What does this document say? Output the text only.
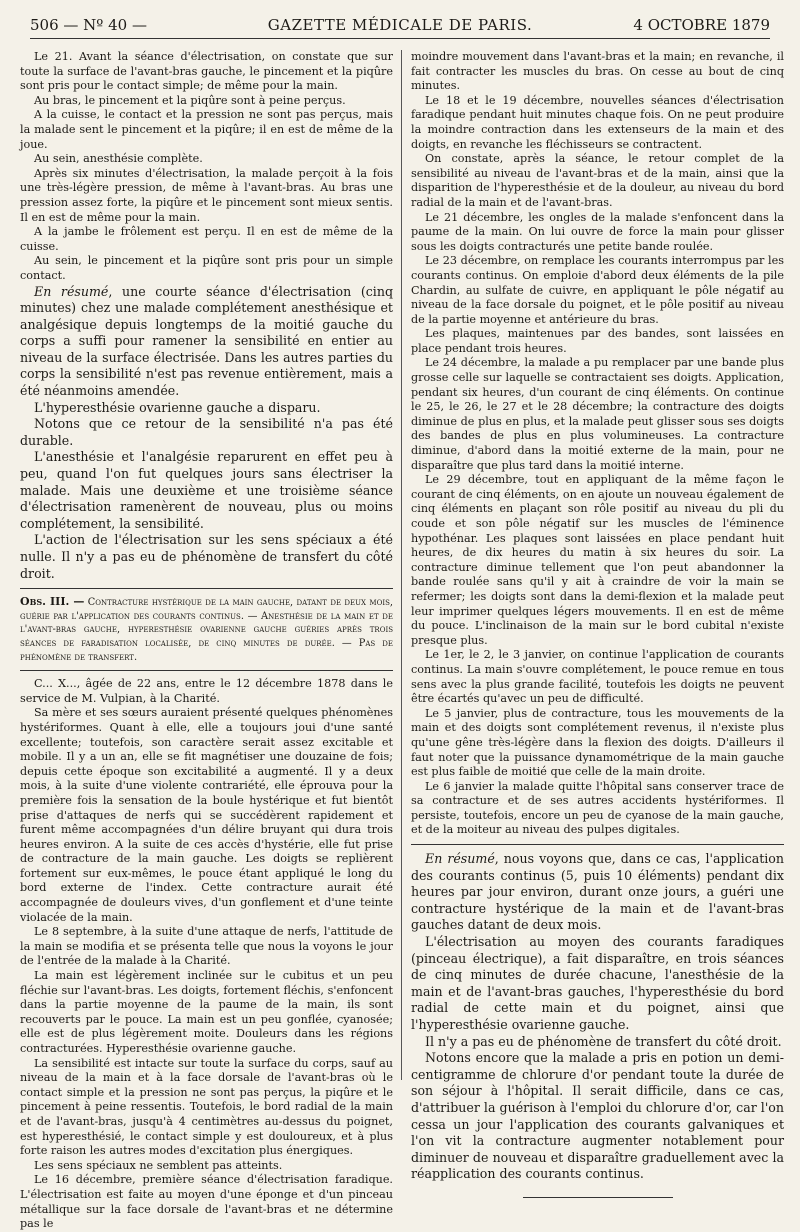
506 — Nº 40 —	GAZETTE MÉDICALE DE PARIS.	4 OCTOBRE 1879

Le 21. Avant la séance d'électrisation, on constate que sur toute la surface de l'avant-bras gauche, le pincement et la piqûre sont pris pour le contact simple; de même pour la main.

Au bras, le pincement et la piqûre sont à peine perçus.

A la cuisse, le contact et la pression ne sont pas perçus, mais la malade sent le pincement et la piqûre; il en est de même de la joue.

Au sein, anesthésie complète.

Après six minutes d'électrisation, la malade perçoit à la fois une très-légère pression, de même à l'avant-bras. Au bras une pression assez forte, la piqûre et le pincement sont mieux sentis. Il en est de même pour la main.

A la jambe le frôlement est perçu. Il en est de même de la cuisse.

Au sein, le pincement et la piqûre sont pris pour un simple contact.

En résumé, une courte séance d'électrisation (cinq minutes) chez une malade complétement anesthésique et analgésique depuis longtemps de la moitié gauche du corps a suffi pour ramener la sensibilité en entier au niveau de la surface électrisée. Dans les autres parties du corps la sensibilité n'est pas revenue entièrement, mais a été néanmoins amendée.

L'hyperesthésie ovarienne gauche a disparu.

Notons que ce retour de la sensibilité n'a pas été durable.

L'anesthésie et l'analgésie reparurent en effet peu à peu, quand l'on fut quelques jours sans électriser la malade. Mais une deuxième et une troisième séance d'électrisation ramenèrent de nouveau, plus ou moins complétement, la sensibilité.

L'action de l'électrisation sur les sens spéciaux a été nulle. Il n'y a pas eu de phénomène de transfert du côté droit.

Obs. III. — Contracture hystérique de la main gauche, datant de deux mois, guérie par l'application des courants continus. — Anesthésie de la main et de l'avant-bras gauche, hyperesthésie ovarienne gauche guéries après trois séances de faradisation localisée, de cinq minutes de durée. — Pas de phénomène de transfert.

C... X..., âgée de 22 ans, entre le 12 décembre 1878 dans le service de M. Vulpian, à la Charité.

Sa mère et ses sœurs auraient présenté quelques phénomènes hystériformes. Quant à elle, elle a toujours joui d'une santé excellente; toutefois, son caractère serait assez excitable et mobile. Il y a un an, elle se fit magnétiser une douzaine de fois; depuis cette époque son excitabilité a augmenté. Il y a deux mois, à la suite d'une violente contrariété, elle éprouva pour la première fois la sensation de la boule hystérique et fut bientôt prise d'attaques de nerfs qui se succédèrent rapidement et furent même accompagnées d'un délire bruyant qui dura trois heures environ. A la suite de ces accès d'hystérie, elle fut prise de contracture de la main gauche. Les doigts se replièrent fortement sur eux-mêmes, le pouce étant appliqué le long du bord externe de l'index. Cette contracture aurait été accompagnée de douleurs vives, d'un gonflement et d'une teinte violacée de la main.

Le 8 septembre, à la suite d'une attaque de nerfs, l'attitude de la main se modifia et se présenta telle que nous la voyons le jour de l'entrée de la malade à la Charité.

La main est légèrement inclinée sur le cubitus et un peu fléchie sur l'avant-bras. Les doigts, fortement fléchis, s'enfoncent dans la partie moyenne de la paume de la main, ils sont recouverts par le pouce. La main est un peu gonflée, cyanosée; elle est de plus légèrement moite. Douleurs dans les régions contracturées. Hyperesthésie ovarienne gauche.

La sensibilité est intacte sur toute la surface du corps, sauf au niveau de la main et à la face dorsale de l'avant-bras où le contact simple et la pression ne sont pas perçus, la piqûre et le pincement à peine ressentis. Toutefois, le bord radial de la main et de l'avant-bras, jusqu'à 4 centimètres au-dessus du poignet, est hyperesthésié, le contact simple y est douloureux, et à plus forte raison les autres modes d'excitation plus énergiques.

Les sens spéciaux ne semblent pas atteints.

Le 16 décembre, première séance d'électrisation faradique. L'électrisation est faite au moyen d'une éponge et d'un pinceau métallique sur la face dorsale de l'avant-bras et ne détermine pas le

moindre mouvement dans l'avant-bras et la main; en revanche, il fait contracter les muscles du bras. On cesse au bout de cinq minutes.

Le 18 et le 19 décembre, nouvelles séances d'électrisation faradique pendant huit minutes chaque fois. On ne peut produire la moindre contraction dans les extenseurs de la main et des doigts, en revanche les fléchisseurs se contractent.

On constate, après la séance, le retour complet de la sensibilité au niveau de l'avant-bras et de la main, ainsi que la disparition de l'hyperesthésie et de la douleur, au niveau du bord radial de la main et de l'avant-bras.

Le 21 décembre, les ongles de la malade s'enfoncent dans la paume de la main. On lui ouvre de force la main pour glisser sous les doigts contracturés une petite bande roulée.

Le 23 décembre, on remplace les courants interrompus par les courants continus. On emploie d'abord deux éléments de la pile Chardin, au sulfate de cuivre, en appliquant le pôle négatif au niveau de la face dorsale du poignet, et le pôle positif au niveau de la partie moyenne et antérieure du bras.

Les plaques, maintenues par des bandes, sont laissées en place pendant trois heures.

Le 24 décembre, la malade a pu remplacer par une bande plus grosse celle sur laquelle se contractaient ses doigts. Application, pendant six heures, d'un courant de cinq éléments. On continue le 25, le 26, le 27 et le 28 décembre; la contracture des doigts diminue de plus en plus, et la malade peut glisser sous ses doigts des bandes de plus en plus volumineuses. La contracture diminue, d'abord dans la moitié externe de la main, pour ne disparaître que plus tard dans la moitié interne.

Le 29 décembre, tout en appliquant de la même façon le courant de cinq éléments, on en ajoute un nouveau également de cinq éléments en plaçant son rôle positif au niveau du pli du coude et son pôle négatif sur les muscles de l'éminence hypothénar. Les plaques sont laissées en place pendant huit heures, de dix heures du matin à six heures du soir. La contracture diminue tellement que l'on peut abandonner la bande roulée sans qu'il y ait à craindre de voir la main se refermer; les doigts sont dans la demi-flexion et la malade peut leur imprimer quelques légers mouvements. Il en est de même du pouce. L'inclinaison de la main sur le bord cubital n'existe presque plus.

Le 1er, le 2, le 3 janvier, on continue l'application de courants continus. La main s'ouvre complétement, le pouce remue en tous sens avec la plus grande facilité, toutefois les doigts ne peuvent être écartés qu'avec un peu de difficulté.

Le 5 janvier, plus de contracture, tous les mouvements de la main et des doigts sont complétement revenus, il n'existe plus qu'une gêne très-légère dans la flexion des doigts. D'ailleurs il faut noter que la puissance dynamométrique de la main gauche est plus faible de moitié que celle de la main droite.

Le 6 janvier la malade quitte l'hôpital sans conserver trace de sa contracture et de ses autres accidents hystériformes. Il persiste, toutefois, encore un peu de cyanose de la main gauche, et de la moiteur au niveau des pulpes digitales.

En résumé, nous voyons que, dans ce cas, l'application des courants continus (5, puis 10 éléments) pendant dix heures par jour environ, durant onze jours, a guéri une contracture hystérique de la main et de l'avant-bras gauches datant de deux mois.

L'électrisation au moyen des courants faradiques (pinceau électrique), a fait disparaître, en trois séances de cinq minutes de durée chacune, l'anesthésie de la main et de l'avant-bras gauches, l'hyperesthésie du bord radial de cette main et du poignet, ainsi que l'hyperesthésie ovarienne gauche.

Il n'y a pas eu de phénomène de transfert du côté droit.

Notons encore que la malade a pris en potion un demi-centigramme de chlorure d'or pendant toute la durée de son séjour à l'hôpital. Il serait difficile, dans ce cas, d'attribuer la guérison à l'emploi du chlorure d'or, car l'on cessa un jour l'application des courants galvaniques et l'on vit la contracture augmenter notablement pour diminuer de nouveau et disparaître graduellement avec la réapplication des courants continus.
